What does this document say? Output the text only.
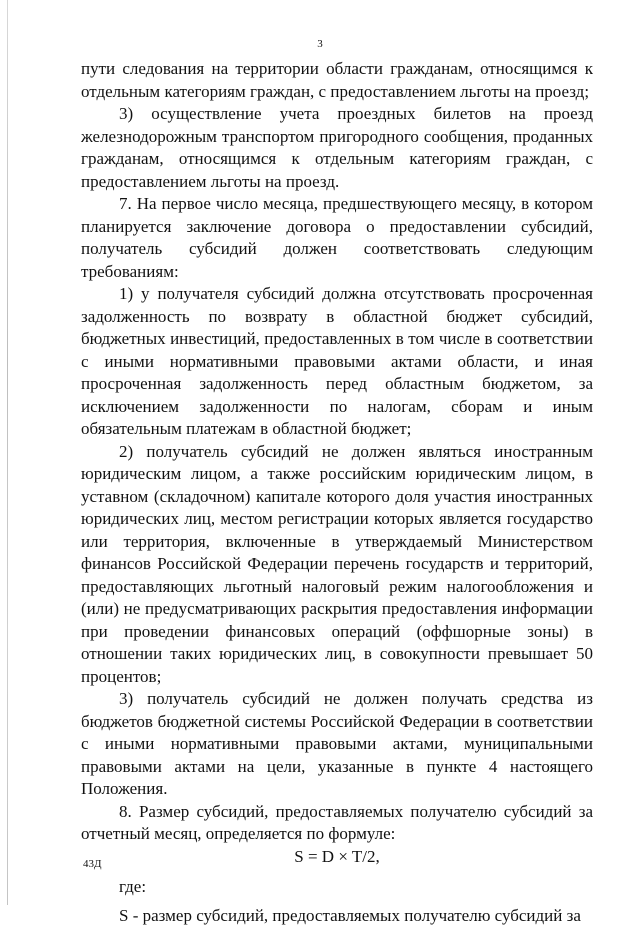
3

пути следования на территории области гражданам, относящимся к отдельным категориям граждан, с предоставлением льготы на проезд;

3) осуществление учета проездных билетов на проезд железнодорожным транспортом пригородного сообщения, проданных гражданам, относящимся к отдельным категориям граждан, с предоставлением льготы на проезд.

7. На первое число месяца, предшествующего месяцу, в котором планируется заключение договора о предоставлении субсидий, получатель субсидий должен соответствовать следующим требованиям:

1) у получателя субсидий должна отсутствовать просроченная задолженность по возврату в областной бюджет субсидий, бюджетных инвестиций, предоставленных в том числе в соответствии с иными нормативными правовыми актами области, и иная просроченная задолженность перед областным бюджетом, за исключением задолженности по налогам, сборам и иным обязательным платежам в областной бюджет;

2) получатель субсидий не должен являться иностранным юридическим лицом, а также российским юридическим лицом, в уставном (складочном) капитале которого доля участия иностранных юридических лиц, местом регистрации которых является государство или территория, включенные в утверждаемый Министерством финансов Российской Федерации перечень государств и территорий, предоставляющих льготный налоговый режим налогообложения и (или) не предусматривающих раскрытия предоставления информации при проведении финансовых операций (оффшорные зоны) в отношении таких юридических лиц, в совокупности превышает 50 процентов;

3) получатель субсидий не должен получать средства из бюджетов бюджетной системы Российской Федерации в соответствии с иными нормативными правовыми актами, муниципальными правовыми актами на цели, указанные в пункте 4 настоящего Положения.

8. Размер субсидий, предоставляемых получателю субсидий за отчетный месяц, определяется по формуле:

S = D × T/2,

где:

S - размер субсидий, предоставляемых получателю субсидий за

43Д
